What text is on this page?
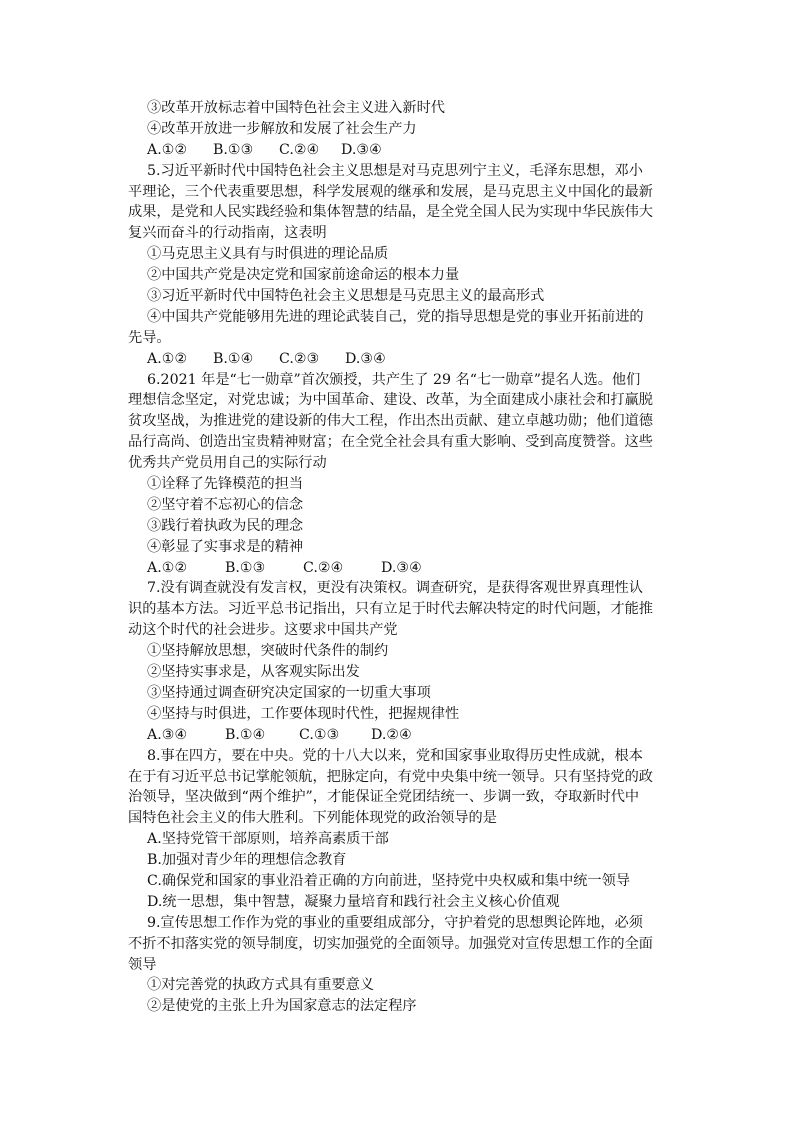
③改革开放标志着中国特色社会主义进入新时代
④改革开放进一步解放和发展了社会生产力
A.①② B.①③ C.②④ D.③④
5.习近平新时代中国特色社会主义思想是对马克思列宁主义，毛泽东思想，邓小
平理论，三个代表重要思想，科学发展观的继承和发展，是马克思主义中国化的最新
成果，是党和人民实践经验和集体智慧的结晶，是全党全国人民为实现中华民族伟大
复兴而奋斗的行动指南，这表明
①马克思主义具有与时俱进的理论品质
②中国共产党是决定党和国家前途命运的根本力量
③习近平新时代中国特色社会主义思想是马克思主义的最高形式
④中国共产党能够用先进的理论武装自己，党的指导思想是党的事业开拓前进的
先导。
A.①② B.①④ C.②③ D.③④
6.2021 年是“七一勋章”首次颁授，共产生了 29 名“七一勋章”提名人选。他们
理想信念坚定，对党忠诚；为中国革命、建设、改革，为全面建成小康社会和打赢脱
贫攻坚战，为推进党的建设新的伟大工程，作出杰出贡献、建立卓越功勋；他们道德
品行高尚、创造出宝贵精神财富；在全党全社会具有重大影响、受到高度赞誉。这些
优秀共产党员用自己的实际行动
①诠释了先锋模范的担当
②坚守着不忘初心的信念
③践行着执政为民的理念
④彰显了实事求是的精神
A.①②	B.①③	C.②④	D.③④
7.没有调查就没有发言权，更没有决策权。调查研究，是获得客观世界真理性认
识的基本方法。习近平总书记指出，只有立足于时代去解决特定的时代问题，才能推
动这个时代的社会进步。这要求中国共产党
①坚持解放思想，突破时代条件的制约
②坚持实事求是，从客观实际出发
③坚持通过调查研究决定国家的一切重大事项
④坚持与时俱进，工作要体现时代性，把握规律性
A.③④	B.①④ C.①③ D.②④
8.事在四方，要在中央。党的十八大以来，党和国家事业取得历史性成就，根本
在于有习近平总书记掌舵领航，把脉定向，有党中央集中统一领导。只有坚持党的政
治领导，坚决做到“两个维护”，才能保证全党团结统一、步调一致，夺取新时代中
国特色社会主义的伟大胜利。下列能体现党的政治领导的是
A.坚持党管干部原则，培养高素质干部
B.加强对青少年的理想信念教育
C.确保党和国家的事业沿着正确的方向前进，坚持党中央权威和集中统一领导
D.统一思想，集中智慧，凝聚力量培育和践行社会主义核心价值观
9.宣传思想工作作为党的事业的重要组成部分，守护着党的思想舆论阵地，必须
不折不扣落实党的领导制度，切实加强党的全面领导。加强党对宣传思想工作的全面
领导
①对完善党的执政方式具有重要意义
②是使党的主张上升为国家意志的法定程序
